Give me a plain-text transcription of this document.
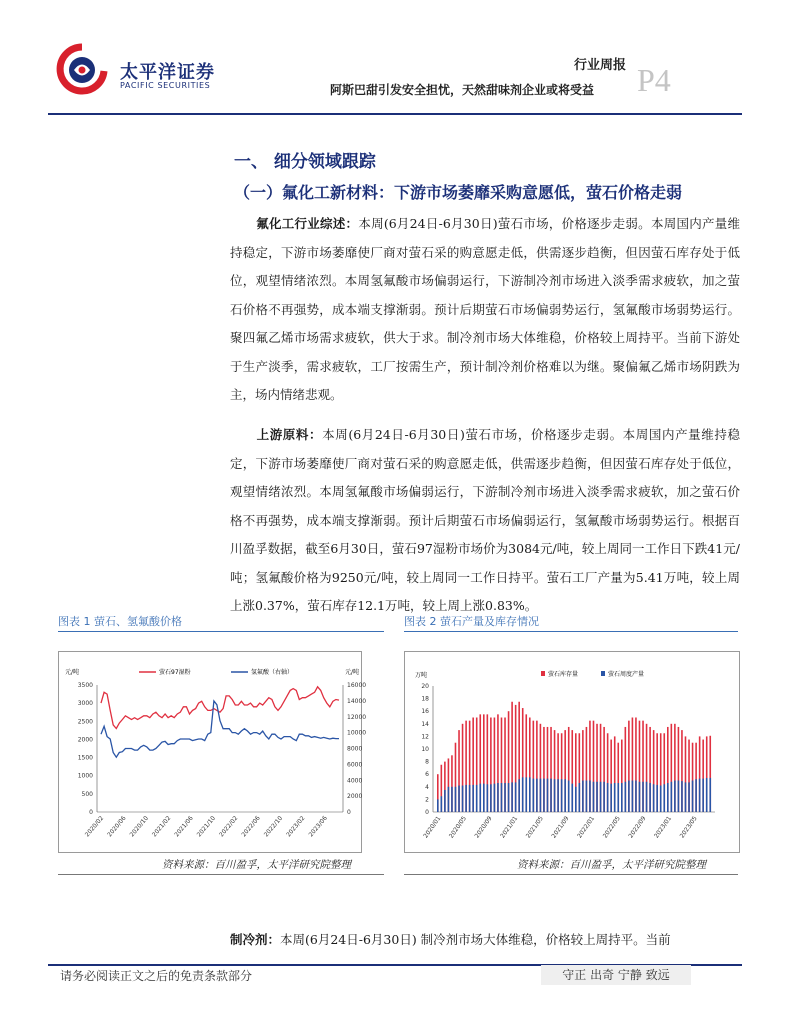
太平洋证券
PACIFIC SECURITIES
行业周报
阿斯巴甜引发安全担忧，天然甜味剂企业或将受益 P4
一、 细分领域跟踪
（一）氟化工新材料：下游市场萎靡采购意愿低，萤石价格走弱
氟化工行业综述：本周(6月24日-6月30日)萤石市场，价格逐步走弱。本周国内产量维持稳定，下游市场萎靡使厂商对萤石采的购意愿走低，供需逐步趋衡，但因萤石库存处于低位，观望情绪浓烈。本周氢氟酸市场偏弱运行，下游制冷剂市场进入淡季需求疲软，加之萤石价格不再强势，成本端支撑渐弱。预计后期萤石市场偏弱势运行，氢氟酸市场弱势运行。聚四氟乙烯市场需求疲软，供大于求。制冷剂市场大体维稳，价格较上周持平。当前下游处于生产淡季，需求疲软，工厂按需生产，预计制冷剂价格难以为继。聚偏氟乙烯市场阴跌为主，场内情绪悲观。
上游原料：本周(6月24日-6月30日)萤石市场，价格逐步走弱。本周国内产量维持稳定，下游市场萎靡使厂商对萤石采的购意愿走低，供需逐步趋衡，但因萤石库存处于低位，观望情绪浓烈。本周氢氟酸市场偏弱运行，下游制冷剂市场进入淡季需求疲软，加之萤石价格不再强势，成本端支撑渐弱。预计后期萤石市场偏弱运行，氢氟酸市场弱势运行。根据百川盈孚数据，截至6月30日，萤石97湿粉市场价为3084元/吨，较上周同一工作日下跌41元/吨；氢氟酸价格为9250元/吨，较上周同一工作日持平。萤石工厂产量为5.41万吨，较上周上涨0.37%，萤石库存12.1万吨，较上周上涨0.83%。
图表 1 萤石、氢氟酸价格	图表 2 萤石产量及库存情况
元/吨	元/吨
萤石97湿粉	氢氟酸（右轴）
0
500
1000
1500
2000
2500
3000
3500
0
2000
4000
6000
8000
10000
12000
14000
16000
2020/02 2020/06 2020/10 2021/02 2021/06 2021/10 2022/02 2022/06 2022/10 2023/02 2023/06
万吨	萤石库存量	萤石周度产量
0
2
4
6
8
10
12
14
16
18
20
2020/01 2020/05 2020/09 2021/01 2021/05 2021/09 2022/01 2022/05 2022/09 2023/01 2023/05
资料来源：百川盈孚，太平洋研究院整理	资料来源：百川盈孚，太平洋研究院整理
制冷剂：本周(6月24日-6月30日) 制冷剂市场大体维稳，价格较上周持平。当前
请务必阅读正文之后的免责条款部分	守正 出奇 宁静 致远
